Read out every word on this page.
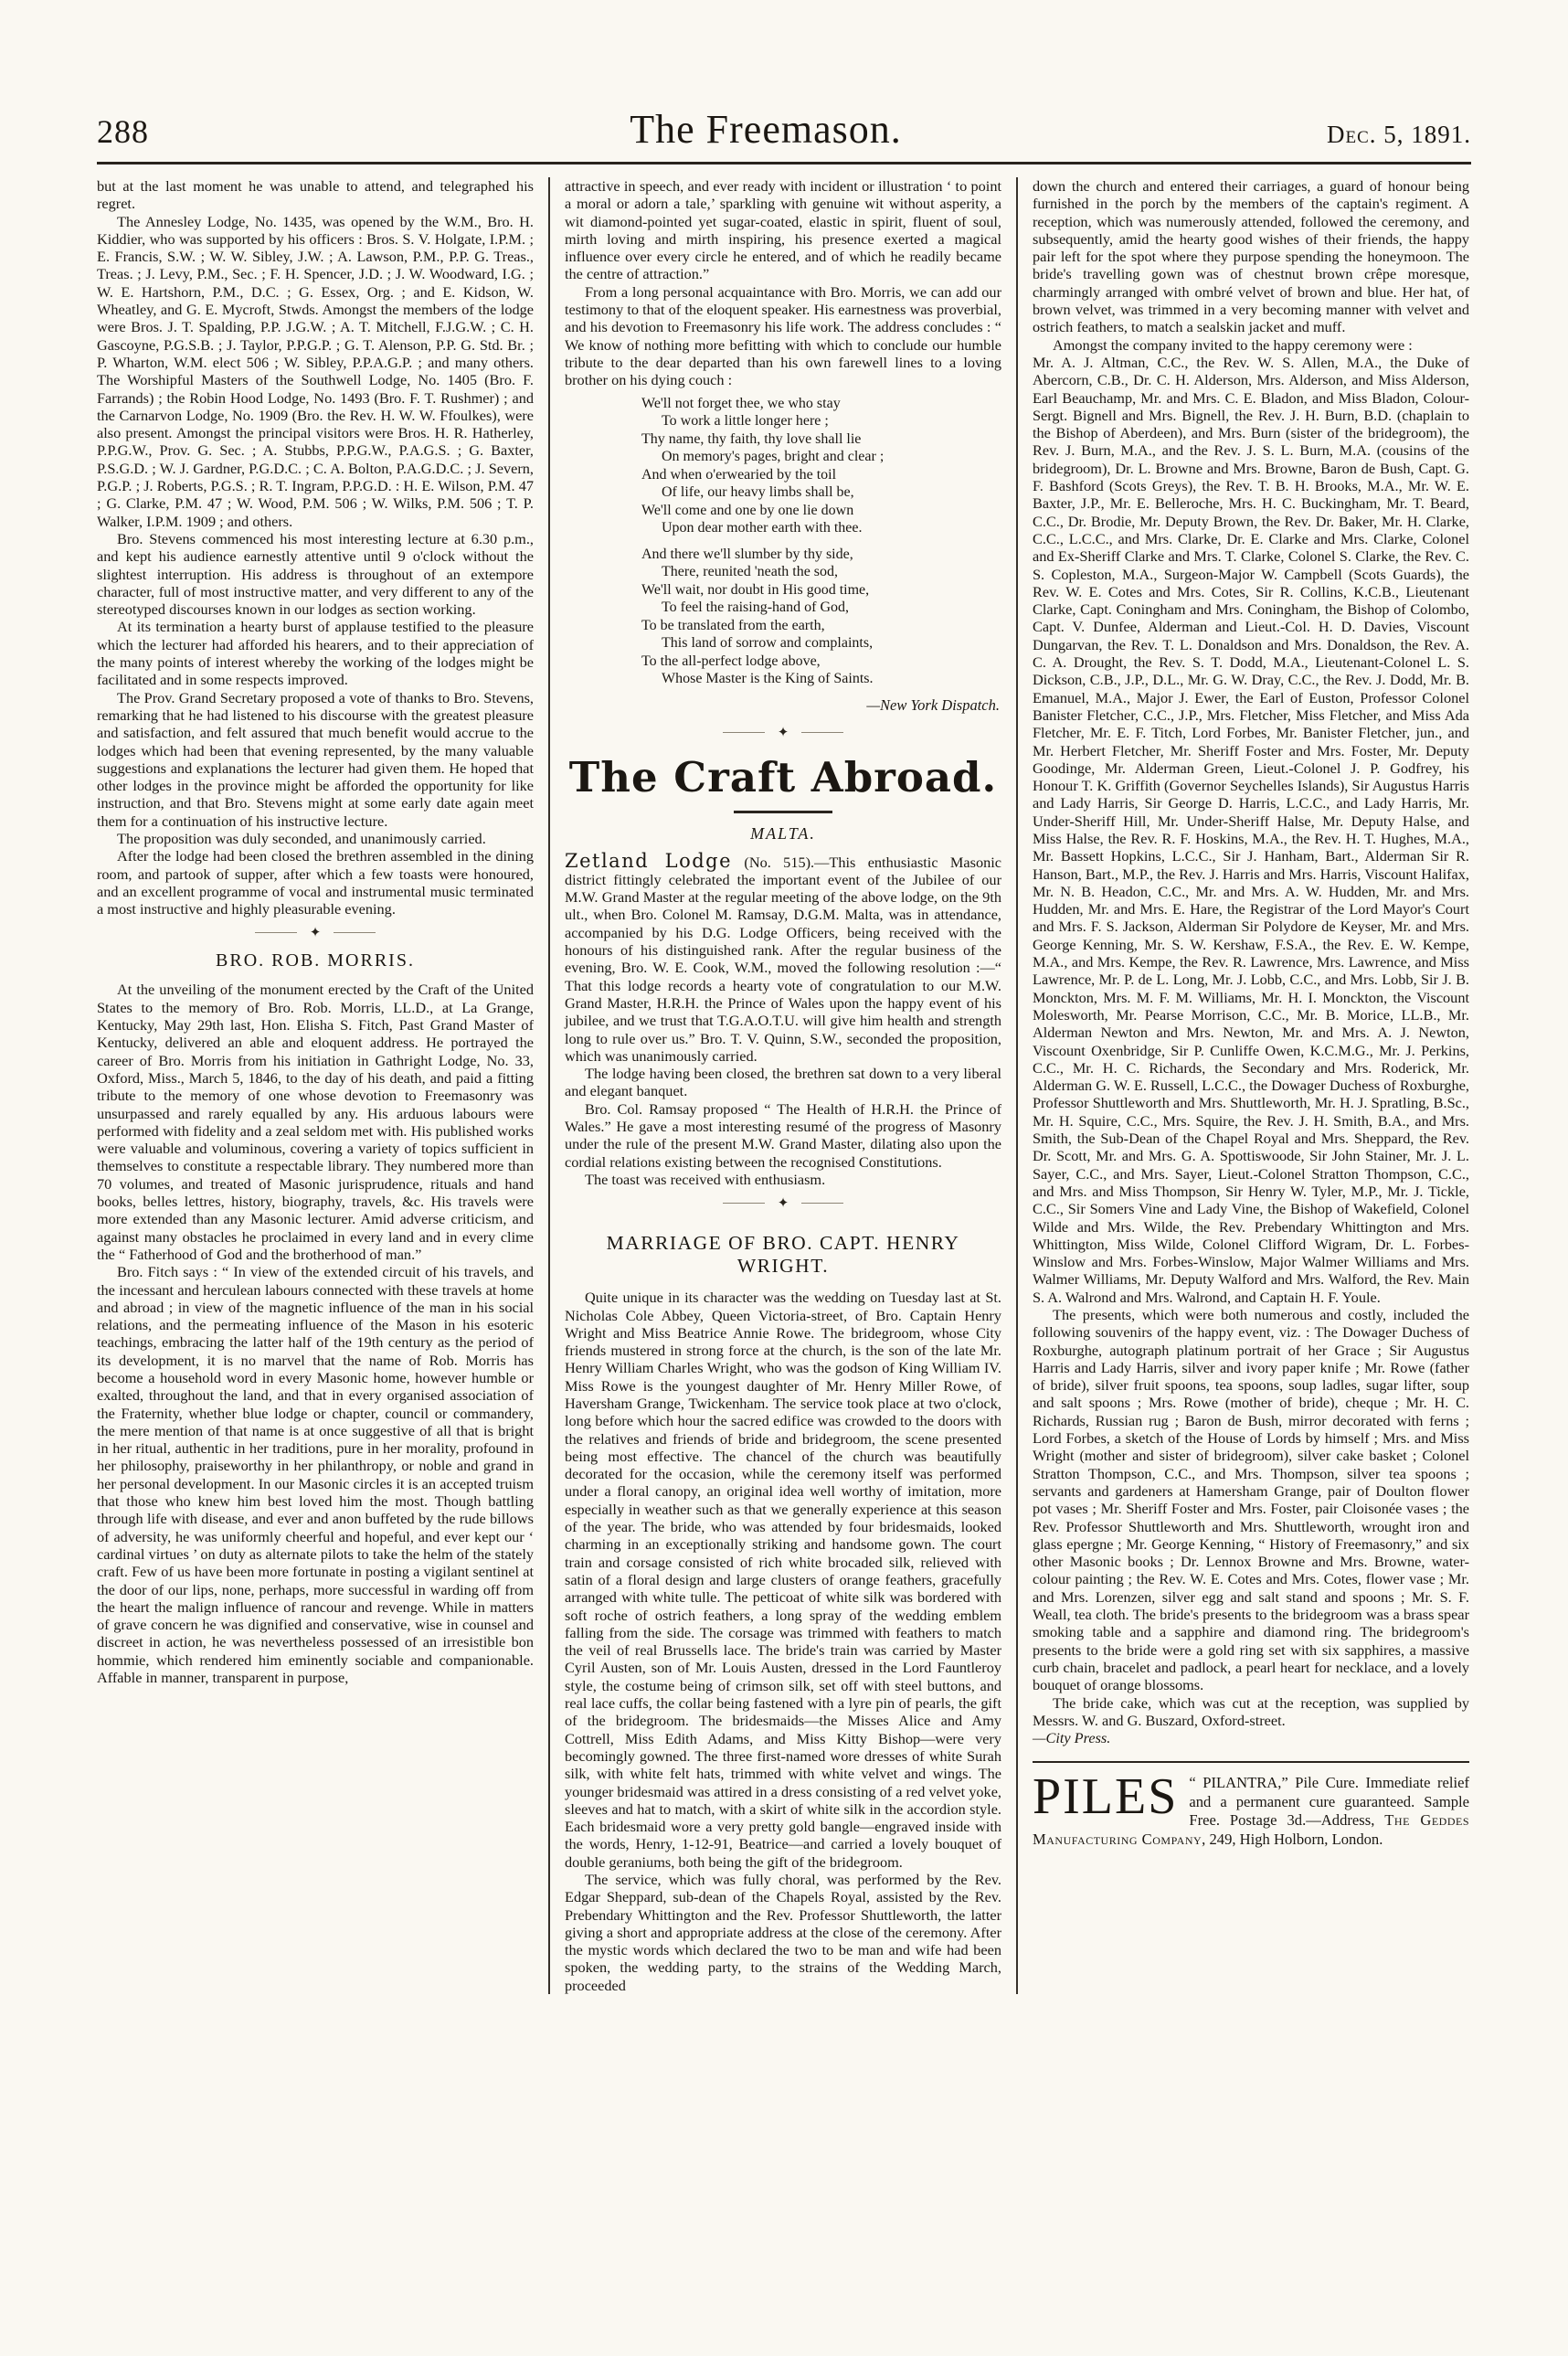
288	The Freemason.	Dec. 5, 1891.

but at the last moment he was unable to attend, and telegraphed his regret.

The Annesley Lodge, No. 1435, was opened by the W.M., Bro. H. Kiddier, who was supported by his officers : Bros. S. V. Holgate, I.P.M. ; E. Francis, S.W. ; W. W. Sibley, J.W. ; A. Lawson, P.M., P.P. G. Treas., Treas. ; J. Levy, P.M., Sec. ; F. H. Spencer, J.D. ; J. W. Woodward, I.G. ; W. E. Hartshorn, P.M., D.C. ; G. Essex, Org. ; and E. Kidson, W. Wheatley, and G. E. Mycroft, Stwds. Amongst the members of the lodge were Bros. J. T. Spalding, P.P. J.G.W. ; A. T. Mitchell, F.J.G.W. ; C. H. Gascoyne, P.G.S.B. ; J. Taylor, P.P.G.P. ; G. T. Alenson, P.P. G. Std. Br. ; P. Wharton, W.M. elect 506 ; W. Sibley, P.P.A.G.P. ; and many others. The Worshipful Masters of the Southwell Lodge, No. 1405 (Bro. F. Farrands) ; the Robin Hood Lodge, No. 1493 (Bro. F. T. Rushmer) ; and the Carnarvon Lodge, No. 1909 (Bro. the Rev. H. W. W. Ffoulkes), were also present. Amongst the principal visitors were Bros. H. R. Hatherley, P.P.G.W., Prov. G. Sec. ; A. Stubbs, P.P.G.W., P.A.G.S. ; G. Baxter, P.S.G.D. ; W. J. Gardner, P.G.D.C. ; C. A. Bolton, P.A.G.D.C. ; J. Severn, P.G.P. ; J. Roberts, P.G.S. ; R. T. Ingram, P.P.G.D. : H. E. Wilson, P.M. 47 ; G. Clarke, P.M. 47 ; W. Wood, P.M. 506 ; W. Wilks, P.M. 506 ; T. P. Walker, I.P.M. 1909 ; and others.

Bro. Stevens commenced his most interesting lecture at 6.30 p.m., and kept his audience earnestly attentive until 9 o'clock without the slightest interruption. His address is throughout of an extempore character, full of most instructive matter, and very different to any of the stereotyped discourses known in our lodges as section working.

At its termination a hearty burst of applause testified to the pleasure which the lecturer had afforded his hearers, and to their appreciation of the many points of interest whereby the working of the lodges might be facilitated and in some respects improved.

The Prov. Grand Secretary proposed a vote of thanks to Bro. Stevens, remarking that he had listened to his discourse with the greatest pleasure and satisfaction, and felt assured that much benefit would accrue to the lodges which had been that evening represented, by the many valuable suggestions and explanations the lecturer had given them. He hoped that other lodges in the province might be afforded the opportunity for like instruction, and that Bro. Stevens might at some early date again meet them for a continuation of his instructive lecture.

The proposition was duly seconded, and unanimously carried.

After the lodge had been closed the brethren assembled in the dining room, and partook of supper, after which a few toasts were honoured, and an excellent programme of vocal and instrumental music terminated a most instructive and highly pleasurable evening.

✦
BRO. ROB. MORRIS.

At the unveiling of the monument erected by the Craft of the United States to the memory of Bro. Rob. Morris, LL.D., at La Grange, Kentucky, May 29th last, Hon. Elisha S. Fitch, Past Grand Master of Kentucky, delivered an able and eloquent address. He portrayed the career of Bro. Morris from his initiation in Gathright Lodge, No. 33, Oxford, Miss., March 5, 1846, to the day of his death, and paid a fitting tribute to the memory of one whose devotion to Freemasonry was unsurpassed and rarely equalled by any. His arduous labours were performed with fidelity and a zeal seldom met with. His published works were valuable and voluminous, covering a variety of topics sufficient in themselves to constitute a respectable library. They numbered more than 70 volumes, and treated of Masonic jurisprudence, rituals and hand books, belles lettres, history, biography, travels, &c. His travels were more extended than any Masonic lecturer. Amid adverse criticism, and against many obstacles he proclaimed in every land and in every clime the “ Fatherhood of God and the brotherhood of man.”

Bro. Fitch says : “ In view of the extended circuit of his travels, and the incessant and herculean labours connected with these travels at home and abroad ; in view of the magnetic influence of the man in his social relations, and the permeating influence of the Mason in his esoteric teachings, embracing the latter half of the 19th century as the period of its development, it is no marvel that the name of Rob. Morris has become a household word in every Masonic home, however humble or exalted, throughout the land, and that in every organised association of the Fraternity, whether blue lodge or chapter, council or commandery, the mere mention of that name is at once suggestive of all that is bright in her ritual, authentic in her traditions, pure in her morality, profound in her philosophy, praiseworthy in her philanthropy, or noble and grand in her personal development. In our Masonic circles it is an accepted truism that those who knew him best loved him the most. Though battling through life with disease, and ever and anon buffeted by the rude billows of adversity, he was uniformly cheerful and hopeful, and ever kept our ‘ cardinal virtues ’ on duty as alternate pilots to take the helm of the stately craft. Few of us have been more fortunate in posting a vigilant sentinel at the door of our lips, none, perhaps, more successful in warding off from the heart the malign influence of rancour and revenge. While in matters of grave concern he was dignified and conservative, wise in counsel and discreet in action, he was nevertheless possessed of an irresistible bon hommie, which rendered him eminently sociable and companionable. Affable in manner, transparent in purpose,

attractive in speech, and ever ready with incident or illustration ‘ to point a moral or adorn a tale,’ sparkling with genuine wit without asperity, a wit diamond-pointed yet sugar-coated, elastic in spirit, fluent of soul, mirth loving and mirth inspiring, his presence exerted a magical influence over every circle he entered, and of which he readily became the centre of attraction.”

From a long personal acquaintance with Bro. Morris, we can add our testimony to that of the eloquent speaker. His earnestness was proverbial, and his devotion to Freemasonry his life work. The address concludes : “ We know of nothing more befitting with which to conclude our humble tribute to the dear departed than his own farewell lines to a loving brother on his dying couch :

We'll not forget thee, we who stay
To work a little longer here ;
Thy name, thy faith, thy love shall lie
On memory's pages, bright and clear ;
And when o'erwearied by the toil
Of life, our heavy limbs shall be,
We'll come and one by one lie down
Upon dear mother earth with thee.
And there we'll slumber by thy side,
There, reunited 'neath the sod,
We'll wait, nor doubt in His good time,
To feel the raising-hand of God,
To be translated from the earth,
This land of sorrow and complaints,
To the all-perfect lodge above,
Whose Master is the King of Saints.
—New York Dispatch.
✦
The Craft Abroad.
MALTA.

Zetland Lodge (No. 515).—This enthusiastic Masonic district fittingly celebrated the important event of the Jubilee of our M.W. Grand Master at the regular meeting of the above lodge, on the 9th ult., when Bro. Colonel M. Ramsay, D.G.M. Malta, was in attendance, accompanied by his D.G. Lodge Officers, being received with the honours of his distinguished rank. After the regular business of the evening, Bro. W. E. Cook, W.M., moved the following resolution :—“ That this lodge records a hearty vote of congratulation to our M.W. Grand Master, H.R.H. the Prince of Wales upon the happy event of his jubilee, and we trust that T.G.A.O.T.U. will give him health and strength long to rule over us.” Bro. T. V. Quinn, S.W., seconded the proposition, which was unanimously carried.

The lodge having been closed, the brethren sat down to a very liberal and elegant banquet.

Bro. Col. Ramsay proposed “ The Health of H.R.H. the Prince of Wales.” He gave a most interesting resumé of the progress of Masonry under the rule of the present M.W. Grand Master, dilating also upon the cordial relations existing between the recognised Constitutions.

The toast was received with enthusiasm.

✦
MARRIAGE OF BRO. CAPT. HENRY WRIGHT.

Quite unique in its character was the wedding on Tuesday last at St. Nicholas Cole Abbey, Queen Victoria-street, of Bro. Captain Henry Wright and Miss Beatrice Annie Rowe. The bridegroom, whose City friends mustered in strong force at the church, is the son of the late Mr. Henry William Charles Wright, who was the godson of King William IV. Miss Rowe is the youngest daughter of Mr. Henry Miller Rowe, of Haversham Grange, Twickenham. The service took place at two o'clock, long before which hour the sacred edifice was crowded to the doors with the relatives and friends of bride and bridegroom, the scene presented being most effective. The chancel of the church was beautifully decorated for the occasion, while the ceremony itself was performed under a floral canopy, an original idea well worthy of imitation, more especially in weather such as that we generally experience at this season of the year. The bride, who was attended by four bridesmaids, looked charming in an exceptionally striking and handsome gown. The court train and corsage consisted of rich white brocaded silk, relieved with satin of a floral design and large clusters of orange feathers, gracefully arranged with white tulle. The petticoat of white silk was bordered with soft roche of ostrich feathers, a long spray of the wedding emblem falling from the side. The corsage was trimmed with feathers to match the veil of real Brussells lace. The bride's train was carried by Master Cyril Austen, son of Mr. Louis Austen, dressed in the Lord Fauntleroy style, the costume being of crimson silk, set off with steel buttons, and real lace cuffs, the collar being fastened with a lyre pin of pearls, the gift of the bridegroom. The bridesmaids—the Misses Alice and Amy Cottrell, Miss Edith Adams, and Miss Kitty Bishop—were very becomingly gowned. The three first-named wore dresses of white Surah silk, with white felt hats, trimmed with white velvet and wings. The younger bridesmaid was attired in a dress consisting of a red velvet yoke, sleeves and hat to match, with a skirt of white silk in the accordion style. Each bridesmaid wore a very pretty gold bangle—engraved inside with the words, Henry, 1-12-91, Beatrice—and carried a lovely bouquet of double geraniums, both being the gift of the bridegroom.

The service, which was fully choral, was performed by the Rev. Edgar Sheppard, sub-dean of the Chapels Royal, assisted by the Rev. Prebendary Whittington and the Rev. Professor Shuttleworth, the latter giving a short and appropriate address at the close of the ceremony. After the mystic words which declared the two to be man and wife had been spoken, the wedding party, to the strains of the Wedding March, proceeded

down the church and entered their carriages, a guard of honour being furnished in the porch by the members of the captain's regiment. A reception, which was numerously attended, followed the ceremony, and subsequently, amid the hearty good wishes of their friends, the happy pair left for the spot where they purpose spending the honeymoon. The bride's travelling gown was of chestnut brown crêpe moresque, charmingly arranged with ombré velvet of brown and blue. Her hat, of brown velvet, was trimmed in a very becoming manner with velvet and ostrich feathers, to match a sealskin jacket and muff.

Amongst the company invited to the happy ceremony were :

Mr. A. J. Altman, C.C., the Rev. W. S. Allen, M.A., the Duke of Abercorn, C.B., Dr. C. H. Alderson, Mrs. Alderson, and Miss Alderson, Earl Beauchamp, Mr. and Mrs. C. E. Bladon, and Miss Bladon, Colour-Sergt. Bignell and Mrs. Bignell, the Rev. J. H. Burn, B.D. (chaplain to the Bishop of Aberdeen), and Mrs. Burn (sister of the bridegroom), the Rev. J. Burn, M.A., and the Rev. J. S. L. Burn, M.A. (cousins of the bridegroom), Dr. L. Browne and Mrs. Browne, Baron de Bush, Capt. G. F. Bashford (Scots Greys), the Rev. T. B. H. Brooks, M.A., Mr. W. E. Baxter, J.P., Mr. E. Belleroche, Mrs. H. C. Buckingham, Mr. T. Beard, C.C., Dr. Brodie, Mr. Deputy Brown, the Rev. Dr. Baker, Mr. H. Clarke, C.C., L.C.C., and Mrs. Clarke, Dr. E. Clarke and Mrs. Clarke, Colonel and Ex-Sheriff Clarke and Mrs. T. Clarke, Colonel S. Clarke, the Rev. C. S. Copleston, M.A., Surgeon-Major W. Campbell (Scots Guards), the Rev. W. E. Cotes and Mrs. Cotes, Sir R. Collins, K.C.B., Lieutenant Clarke, Capt. Coningham and Mrs. Coningham, the Bishop of Colombo, Capt. V. Dunfee, Alderman and Lieut.-Col. H. D. Davies, Viscount Dungarvan, the Rev. T. L. Donaldson and Mrs. Donaldson, the Rev. A. C. A. Drought, the Rev. S. T. Dodd, M.A., Lieutenant-Colonel L. S. Dickson, C.B., J.P., D.L., Mr. G. W. Dray, C.C., the Rev. J. Dodd, Mr. B. Emanuel, M.A., Major J. Ewer, the Earl of Euston, Professor Colonel Banister Fletcher, C.C., J.P., Mrs. Fletcher, Miss Fletcher, and Miss Ada Fletcher, Mr. E. F. Titch, Lord Forbes, Mr. Banister Fletcher, jun., and Mr. Herbert Fletcher, Mr. Sheriff Foster and Mrs. Foster, Mr. Deputy Goodinge, Mr. Alderman Green, Lieut.-Colonel J. P. Godfrey, his Honour T. K. Griffith (Governor Seychelles Islands), Sir Augustus Harris and Lady Harris, Sir George D. Harris, L.C.C., and Lady Harris, Mr. Under-Sheriff Hill, Mr. Under-Sheriff Halse, Mr. Deputy Halse, and Miss Halse, the Rev. R. F. Hoskins, M.A., the Rev. H. T. Hughes, M.A., Mr. Bassett Hopkins, L.C.C., Sir J. Hanham, Bart., Alderman Sir R. Hanson, Bart., M.P., the Rev. J. Harris and Mrs. Harris, Viscount Halifax, Mr. N. B. Headon, C.C., Mr. and Mrs. A. W. Hudden, Mr. and Mrs. Hudden, Mr. and Mrs. E. Hare, the Registrar of the Lord Mayor's Court and Mrs. F. S. Jackson, Alderman Sir Polydore de Keyser, Mr. and Mrs. George Kenning, Mr. S. W. Kershaw, F.S.A., the Rev. E. W. Kempe, M.A., and Mrs. Kempe, the Rev. R. Lawrence, Mrs. Lawrence, and Miss Lawrence, Mr. P. de L. Long, Mr. J. Lobb, C.C., and Mrs. Lobb, Sir J. B. Monckton, Mrs. M. F. M. Williams, Mr. H. I. Monckton, the Viscount Molesworth, Mr. Pearse Morrison, C.C., Mr. B. Morice, LL.B., Mr. Alderman Newton and Mrs. Newton, Mr. and Mrs. A. J. Newton, Viscount Oxenbridge, Sir P. Cunliffe Owen, K.C.M.G., Mr. J. Perkins, C.C., Mr. H. C. Richards, the Secondary and Mrs. Roderick, Mr. Alderman G. W. E. Russell, L.C.C., the Dowager Duchess of Roxburghe, Professor Shuttleworth and Mrs. Shuttleworth, Mr. H. J. Spratling, B.Sc., Mr. H. Squire, C.C., Mrs. Squire, the Rev. J. H. Smith, B.A., and Mrs. Smith, the Sub-Dean of the Chapel Royal and Mrs. Sheppard, the Rev. Dr. Scott, Mr. and Mrs. G. A. Spottiswoode, Sir John Stainer, Mr. J. L. Sayer, C.C., and Mrs. Sayer, Lieut.-Colonel Stratton Thompson, C.C., and Mrs. and Miss Thompson, Sir Henry W. Tyler, M.P., Mr. J. Tickle, C.C., Sir Somers Vine and Lady Vine, the Bishop of Wakefield, Colonel Wilde and Mrs. Wilde, the Rev. Prebendary Whittington and Mrs. Whittington, Miss Wilde, Colonel Clifford Wigram, Dr. L. Forbes-Winslow and Mrs. Forbes-Winslow, Major Walmer Williams and Mrs. Walmer Williams, Mr. Deputy Walford and Mrs. Walford, the Rev. Main S. A. Walrond and Mrs. Walrond, and Captain H. F. Youle.

The presents, which were both numerous and costly, included the following souvenirs of the happy event, viz. : The Dowager Duchess of Roxburghe, autograph platinum portrait of her Grace ; Sir Augustus Harris and Lady Harris, silver and ivory paper knife ; Mr. Rowe (father of bride), silver fruit spoons, tea spoons, soup ladles, sugar lifter, soup and salt spoons ; Mrs. Rowe (mother of bride), cheque ; Mr. H. C. Richards, Russian rug ; Baron de Bush, mirror decorated with ferns ; Lord Forbes, a sketch of the House of Lords by himself ; Mrs. and Miss Wright (mother and sister of bridegroom), silver cake basket ; Colonel Stratton Thompson, C.C., and Mrs. Thompson, silver tea spoons ; servants and gardeners at Hamersham Grange, pair of Doulton flower pot vases ; Mr. Sheriff Foster and Mrs. Foster, pair Cloisonée vases ; the Rev. Professor Shuttleworth and Mrs. Shuttleworth, wrought iron and glass epergne ; Mr. George Kenning, “ History of Freemasonry,” and six other Masonic books ; Dr. Lennox Browne and Mrs. Browne, water-colour painting ; the Rev. W. E. Cotes and Mrs. Cotes, flower vase ; Mr. and Mrs. Lorenzen, silver egg and salt stand and spoons ; Mr. S. F. Weall, tea cloth. The bride's presents to the bridegroom was a brass spear smoking table and a sapphire and diamond ring. The bridegroom's presents to the bride were a gold ring set with six sapphires, a massive curb chain, bracelet and padlock, a pearl heart for necklace, and a lovely bouquet of orange blossoms.

The bride cake, which was cut at the reception, was supplied by Messrs. W. and G. Buszard, Oxford-street.

—City Press.

PILES “ PILANTRA,” Pile Cure. Immediate relief and a permanent cure guaranteed. Sample Free. Postage 3d.—Address, The Geddes Manufacturing Company, 249, High Holborn, London.
